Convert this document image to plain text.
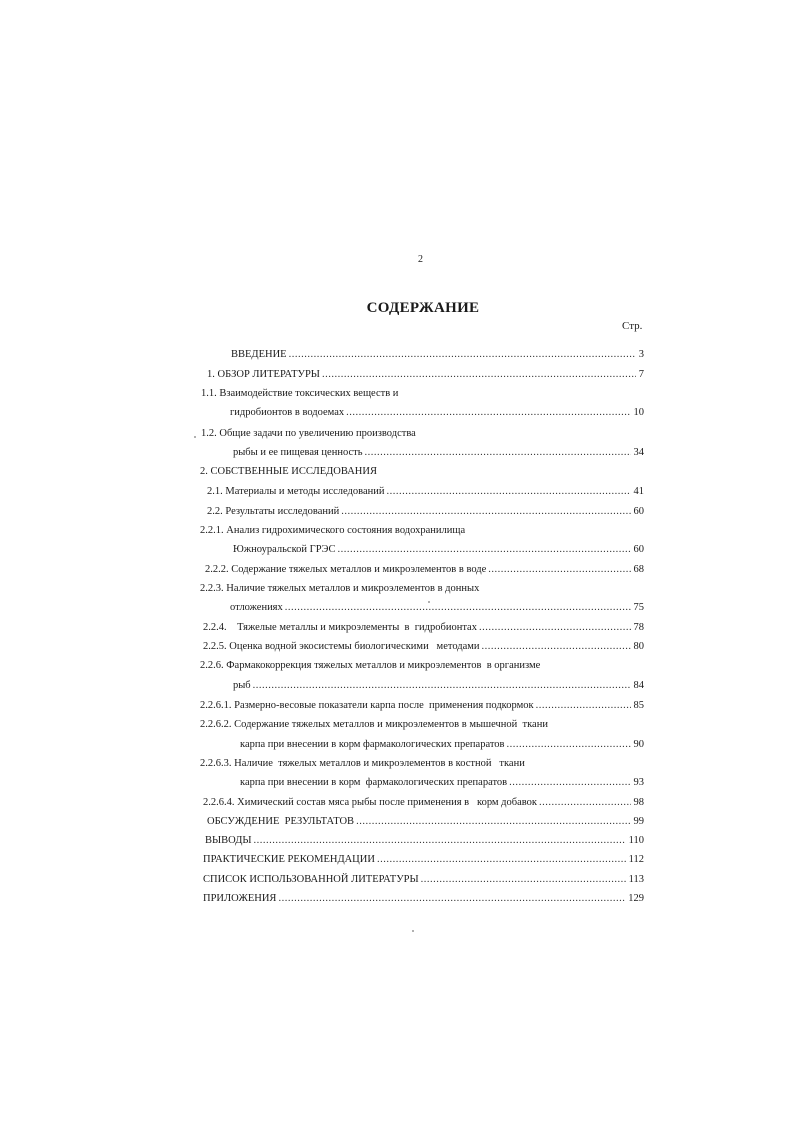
2
СОДЕРЖАНИЕ
Стр.
ВВЕДЕНИЕ .....	3
1. ОБЗОР ЛИТЕРАТУРЫ .....	7
1.1. Взаимодействие токсических веществ и
гидробионтов в водоемах .....	10
1.2. Общие задачи по увеличению производства
рыбы и ее пищевая ценность .....	34
2. СОБСТВЕННЫЕ ИССЛЕДОВАНИЯ
2.1. Материалы и методы исследований .....	41
2.2. Результаты исследований .....	60
2.2.1. Анализ гидрохимического состояния водохранилища
Южноуральской ГРЭС .....	60
2.2.2. Содержание тяжелых металлов и микроэлементов в воде .....	68
2.2.3. Наличие тяжелых металлов и микроэлементов в донных
отложениях .....	75
2.2.4.    Тяжелые металлы и микроэлементы  в  гидробионтах .....	78
2.2.5. Оценка водной экосистемы биологическими   методами .....	80
2.2.6. Фармакокоррекция тяжелых металлов и микроэлементов  в организме
рыб .....	84
2.2.6.1. Размерно-весовые показатели карпа после  применения подкормок .....	85
2.2.6.2. Содержание тяжелых металлов и микроэлементов в мышечной  ткани
карпа при внесении в корм фармакологических препаратов .....	90
2.2.6.3. Наличие  тяжелых металлов и микроэлементов в костной   ткани
карпа при внесении в корм  фармакологических препаратов .....	93
2.2.6.4. Химический состав мяса рыбы после применения в   корм добавок .....	98
ОБСУЖДЕНИЕ  РЕЗУЛЬТАТОВ .....	99
ВЫВОДЫ .....	110
ПРАКТИЧЕСКИЕ РЕКОМЕНДАЦИИ .....	112
СПИСОК ИСПОЛЬЗОВАННОЙ ЛИТЕРАТУРЫ .....	113
ПРИЛОЖЕНИЯ .....	129
